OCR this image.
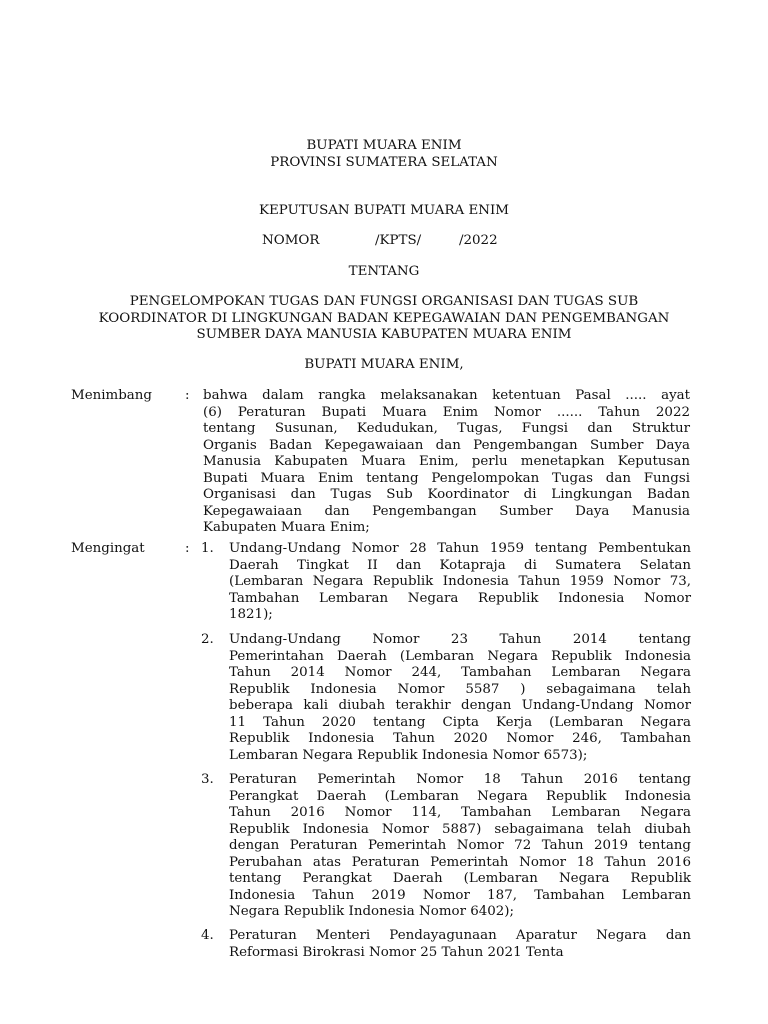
BUPATI MUARA ENIM
PROVINSI SUMATERA SELATAN
KEPUTUSAN BUPATI MUARA ENIM
NOMOR	/KPTS/	/2022
TENTANG
PENGELOMPOKAN TUGAS DAN FUNGSI ORGANISASI DAN TUGAS SUB
KOORDINATOR DI LINGKUNGAN BADAN KEPEGAWAIAN DAN PENGEMBANGAN
SUMBER DAYA MANUSIA KABUPATEN MUARA ENIM
BUPATI MUARA ENIM,
Menimbang : bahwa dalam rangka melaksanakan ketentuan Pasal ..... ayat
(6) Peraturan Bupati Muara Enim Nomor ...... Tahun 2022
tentang Susunan, Kedudukan, Tugas, Fungsi dan Struktur
Organis Badan Kepegawaiaan dan Pengembangan Sumber Daya
Manusia Kabupaten Muara Enim, perlu menetapkan Keputusan
Bupati Muara Enim tentang Pengelompokan Tugas dan Fungsi
Organisasi dan Tugas Sub Koordinator di Lingkungan Badan
Kepegawaiaan dan Pengembangan Sumber Daya Manusia
Kabupaten Muara Enim;
Mengingat	: 1. Undang-Undang Nomor 28 Tahun 1959 tentang Pembentukan
Daerah Tingkat II dan Kotapraja di Sumatera Selatan
(Lembaran Negara Republik Indonesia Tahun 1959 Nomor 73,
Tambahan Lembaran Negara Republik Indonesia Nomor
1821);
2. Undang-Undang Nomor 23 Tahun 2014 tentang
Pemerintahan Daerah (Lembaran Negara Republik Indonesia
Tahun 2014 Nomor 244, Tambahan Lembaran Negara
Republik Indonesia Nomor 5587 ) sebagaimana telah
beberapa kali diubah terakhir dengan Undang-Undang Nomor
11 Tahun 2020 tentang Cipta Kerja (Lembaran Negara
Republik Indonesia Tahun 2020 Nomor 246, Tambahan
Lembaran Negara Republik Indonesia Nomor 6573);
3. Peraturan Pemerintah Nomor 18 Tahun 2016 tentang
Perangkat Daerah (Lembaran Negara Republik Indonesia
Tahun 2016 Nomor 114, Tambahan Lembaran Negara
Republik Indonesia Nomor 5887) sebagaimana telah diubah
dengan Peraturan Pemerintah Nomor 72 Tahun 2019 tentang
Perubahan atas Peraturan Pemerintah Nomor 18 Tahun 2016
tentang Perangkat Daerah (Lembaran Negara Republik
Indonesia Tahun 2019 Nomor 187, Tambahan Lembaran
Negara Republik Indonesia Nomor 6402);
4. Peraturan Menteri Pendayagunaan Aparatur Negara dan
Reformasi Birokrasi Nomor 25 Tahun 2021 Tenta
